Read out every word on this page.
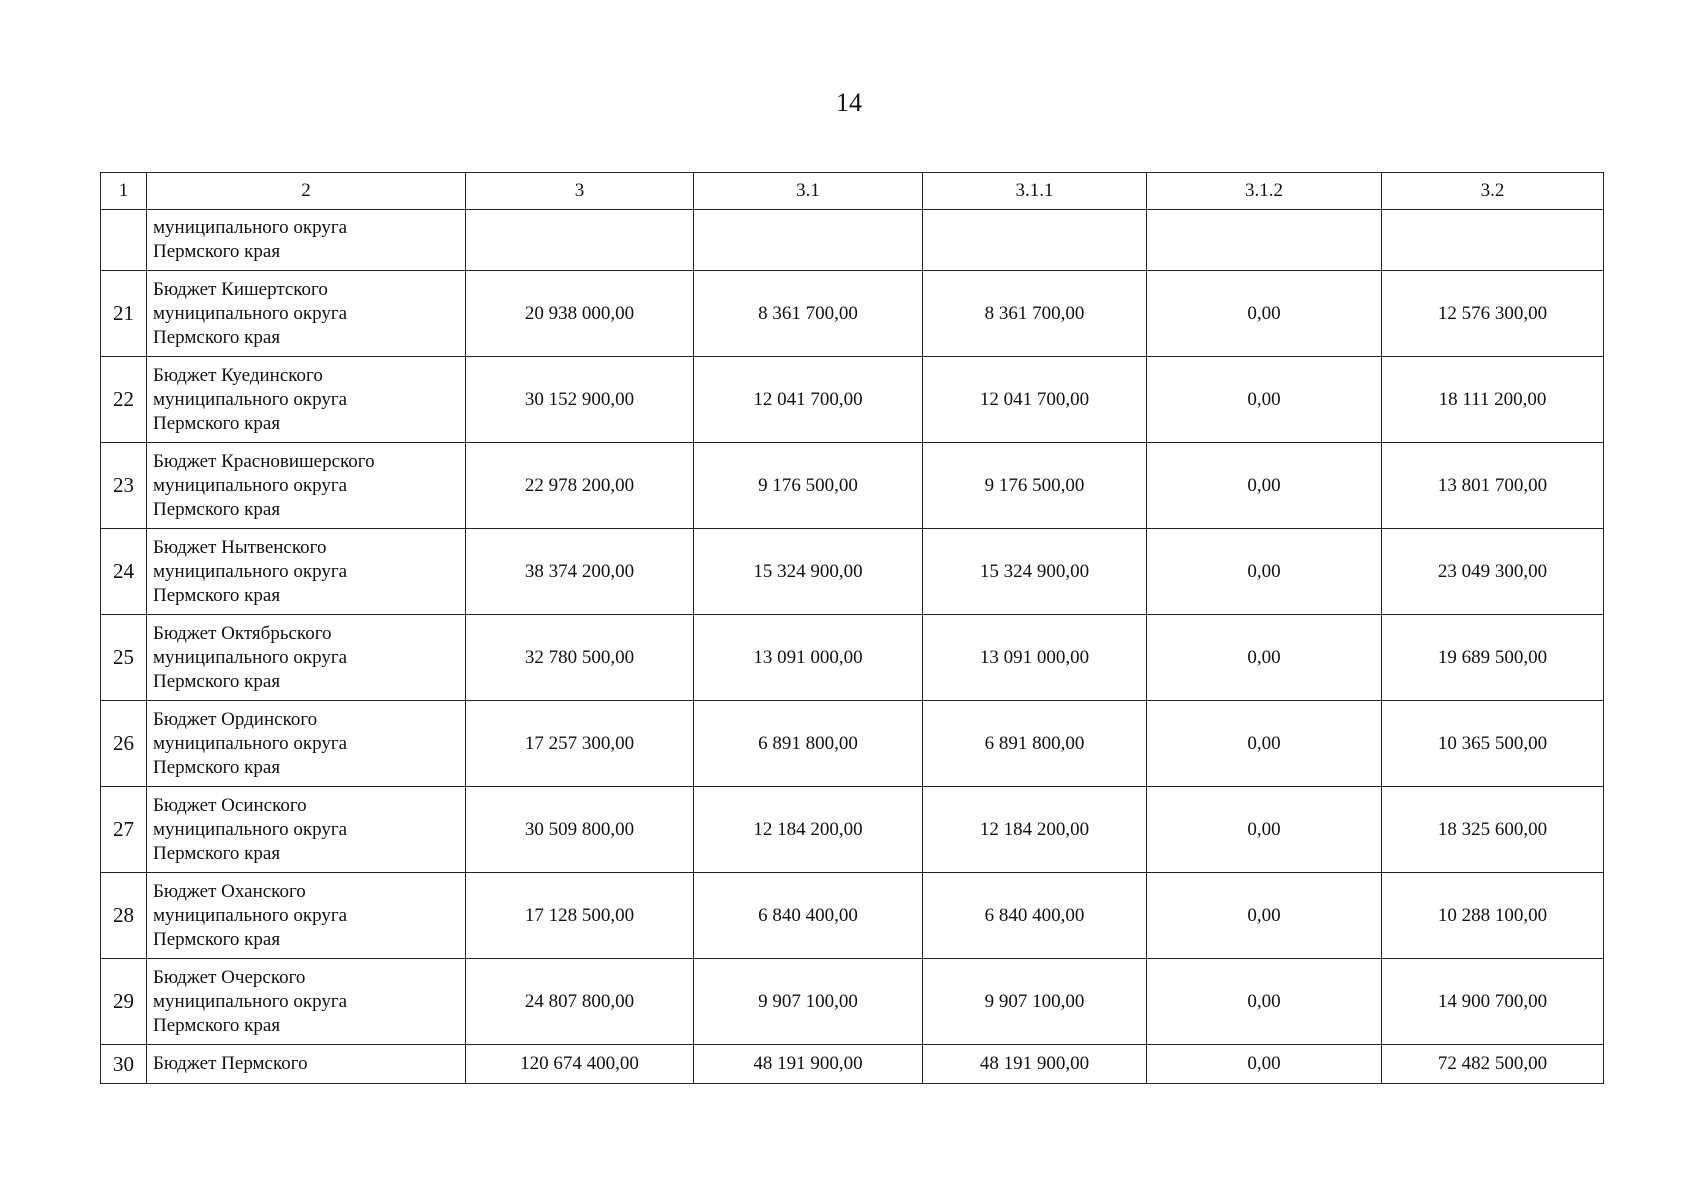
14
1	2	3	3.1	3.1.1	3.1.2	3.2
	муниципального округа
Пермского края					
21	Бюджет Кишертского
муниципального округа
Пермского края	20 938 000,00	8 361 700,00	8 361 700,00	0,00	12 576 300,00
22	Бюджет Куединского
муниципального округа
Пермского края	30 152 900,00	12 041 700,00	12 041 700,00	0,00	18 111 200,00
23	Бюджет Красновишерского
муниципального округа
Пермского края	22 978 200,00	9 176 500,00	9 176 500,00	0,00	13 801 700,00
24	Бюджет Нытвенского
муниципального округа
Пермского края	38 374 200,00	15 324 900,00	15 324 900,00	0,00	23 049 300,00
25	Бюджет Октябрьского
муниципального округа
Пермского края	32 780 500,00	13 091 000,00	13 091 000,00	0,00	19 689 500,00
26	Бюджет Ординского
муниципального округа
Пермского края	17 257 300,00	6 891 800,00	6 891 800,00	0,00	10 365 500,00
27	Бюджет Осинского
муниципального округа
Пермского края	30 509 800,00	12 184 200,00	12 184 200,00	0,00	18 325 600,00
28	Бюджет Оханского
муниципального округа
Пермского края	17 128 500,00	6 840 400,00	6 840 400,00	0,00	10 288 100,00
29	Бюджет Очерского
муниципального округа
Пермского края	24 807 800,00	9 907 100,00	9 907 100,00	0,00	14 900 700,00
30	Бюджет Пермского	120 674 400,00	48 191 900,00	48 191 900,00	0,00	72 482 500,00
